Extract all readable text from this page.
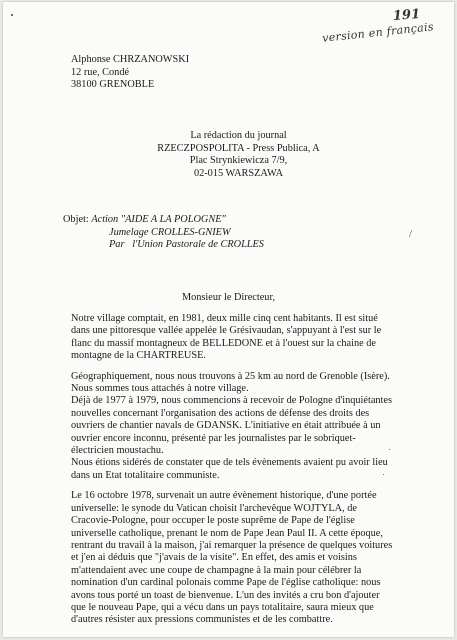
191
version en français
Alphonse CHRZANOWSKI
12 rue, Condé
38100 GRENOBLE
La rédaction du journal
RZECZPOSPOLITA - Press Publica, A
Plac Strynkiewicza 7/9,
02-015 WARSZAWA
Objet: Action "AIDE A LA POLOGNE"
Jumelage CROLLES-GNIEW
Par l'Union Pastorale de CROLLES
/
Monsieur le Directeur,

Notre village comptait, en 1981, deux mille cinq cent habitants. Il est situé dans une pittoresque vallée appelée le Grésivaudan, s'appuyant à l'est sur le flanc du massif montagneux de BELLEDONE et à l'ouest sur la chaine de montagne de la CHARTREUSE.

Géographiquement, nous nous trouvons à 25 km au nord de Grenoble (Isère). Nous sommes tous attachés à notre village.

Déjà de 1977 à 1979, nous commencions à recevoir de Pologne d'inquiétantes nouvelles concernant l'organisation des actions de défense des droits des ouvriers de chantier navals de GDANSK. L'initiative en était attribuée à un ouvrier encore inconnu, présenté par les journalistes par le sobriquet-électricien moustachu.

Nous étions sidérés de constater que de tels évènements avaient pu avoir lieu dans un Etat totalitaire communiste.

Le 16 octobre 1978, survenait un autre évènement historique, d'une portée universelle: le synode du Vatican choisit l'archevêque WOJTYLA, de Cracovie-Pologne, pour occuper le poste suprême de Pape de l'église universelle catholique, prenant le nom de Pape Jean Paul II. A cette époque, rentrant du travail à la maison, j'ai remarquer la présence de quelques voitures et j'en ai déduis que "j'avais de la visite". En effet, des amis et voisins m'attendaient avec une coupe de champagne à la main pour célébrer la nomination d'un cardinal polonais comme Pape de l'église catholique: nous avons tous porté un toast de bienvenue. L'un des invités a cru bon d'ajouter que le nouveau Pape, qui a vécu dans un pays totalitaire, saura mieux que d'autres résister aux pressions communistes et de les combattre.
